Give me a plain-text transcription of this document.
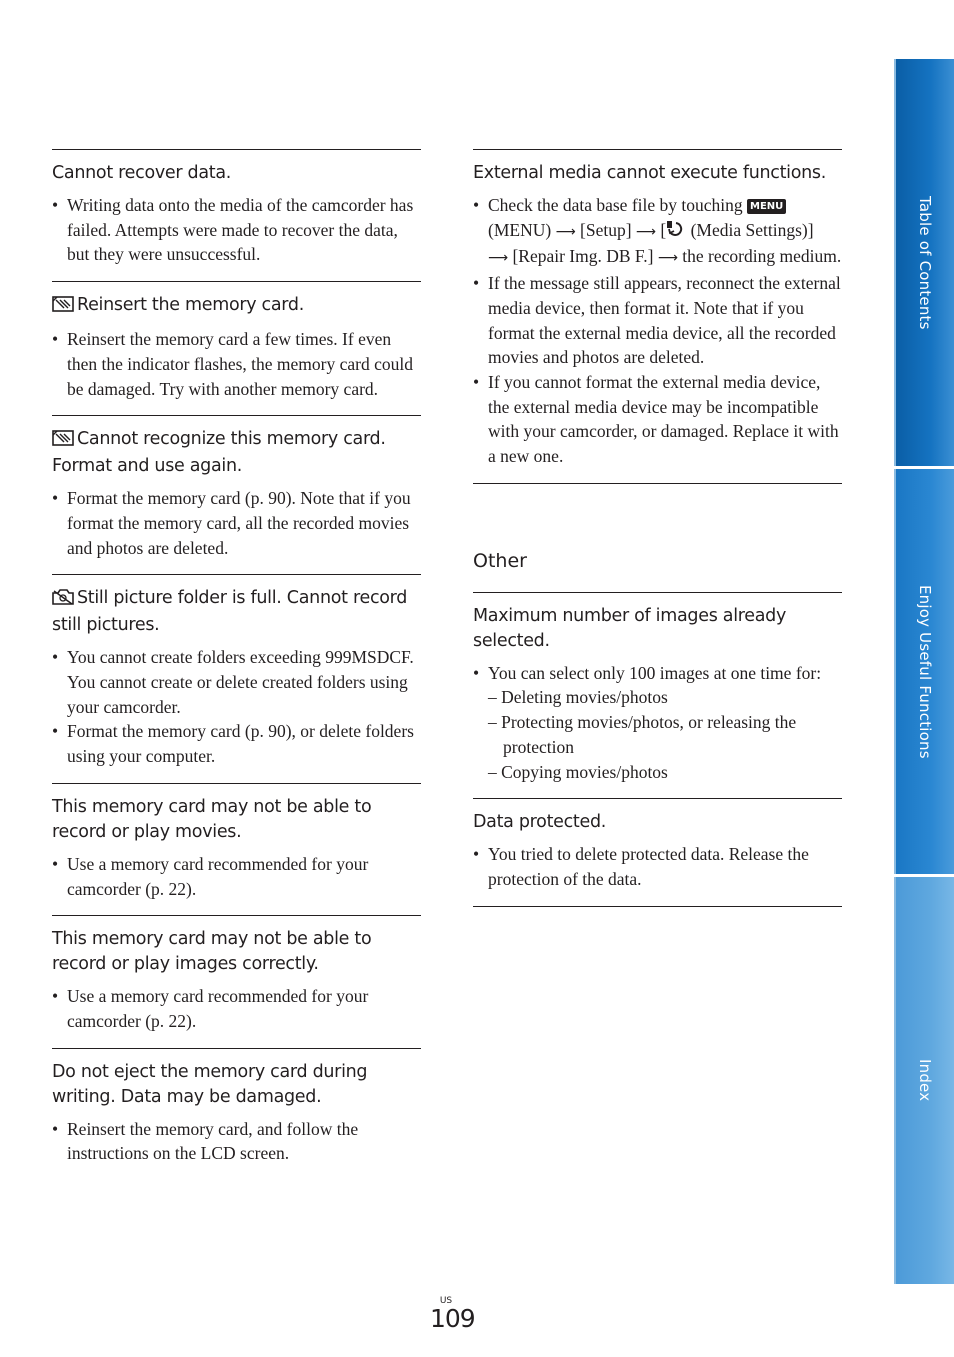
Cannot recover data.

• Writing data onto the media of the camcorder has failed. Attempts were made to recover the data, but they were unsuccessful.

Reinsert the memory card.

• Reinsert the memory card a few times. If even then the indicator flashes, the memory card could be damaged. Try with another memory card.

Cannot recognize this memory card. Format and use again.

• Format the memory card (p. 90). Note that if you format the memory card, all the recorded movies and photos are deleted.

Still picture folder is full. Cannot record still pictures.

• You cannot create folders exceeding 999MSDCF. You cannot create or delete created folders using your camcorder.
• Format the memory card (p. 90), or delete folders using your computer.

This memory card may not be able to record or play movies.

• Use a memory card recommended for your camcorder (p. 22).

This memory card may not be able to record or play images correctly.

• Use a memory card recommended for your camcorder (p. 22).

Do not eject the memory card during writing. Data may be damaged.

• Reinsert the memory card, and follow the instructions on the LCD screen.

External media cannot execute functions.

• Check the data base file by touching MENU (MENU) ⟶ [Setup] ⟶ [ (Media Settings)]
⟶ [Repair Img. DB F.] ⟶ the recording medium.
• If the message still appears, reconnect the external media device, then format it. Note that if you format the external media device, all the recorded movies and photos are deleted.
• If you cannot format the external media device, the external media device may be incompatible with your camcorder, or damaged. Replace it with a new one.

Other

Maximum number of images already selected.

• You can select only 100 images at one time for:
– Deleting movies/photos
– Protecting movies/photos, or releasing the protection
– Copying movies/photos

Data protected.

• You tried to delete protected data. Release the protection of the data.
Table of Contents
Enjoy Useful Functions
Index
US
109
